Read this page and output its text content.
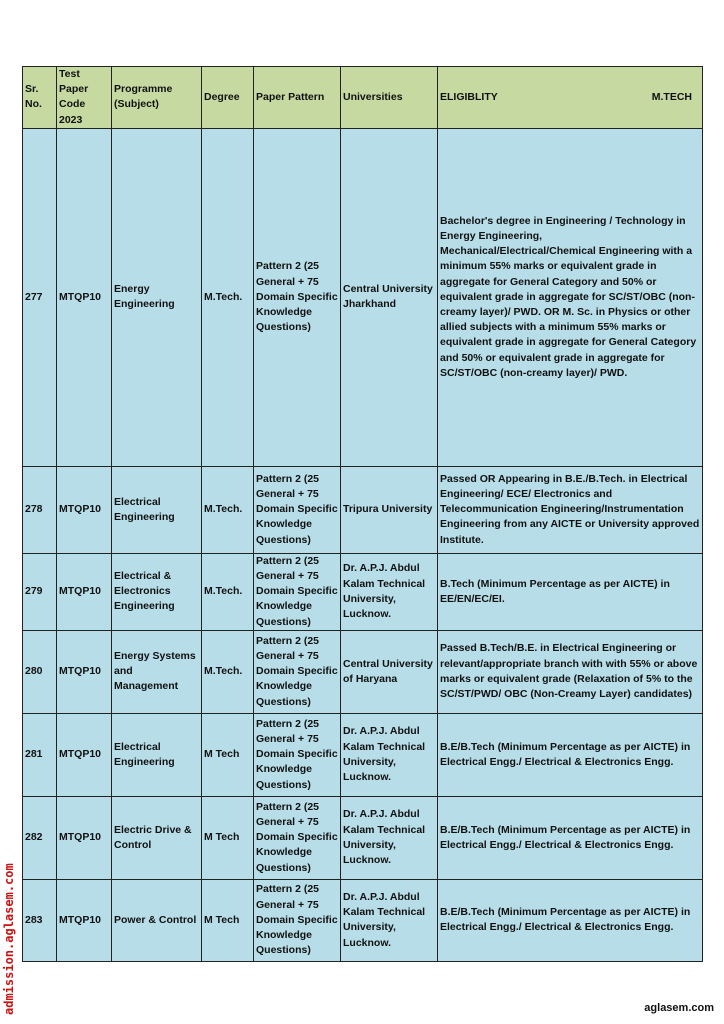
Sr. No.	Test Paper Code 2023	Programme (Subject)	Degree	Paper Pattern	Universities	ELIGIBLITY M.TECH

277	MTQP10	Energy Engineering	M.Tech.	Pattern 2 (25 General + 75 Domain Specific Knowledge Questions)	Central University Jharkhand	Bachelor's degree in Engineering / Technology in Energy Engineering, Mechanical/Electrical/Chemical Engineering with a minimum 55% marks or equivalent grade in aggregate for General Category and 50% or equivalent grade in aggregate for SC/ST/OBC (non-creamy layer)/ PWD. OR M. Sc. in Physics or other allied subjects with a minimum 55% marks or equivalent grade in aggregate for General Category and 50% or equivalent grade in aggregate for SC/ST/OBC (non-creamy layer)/ PWD.
278	MTQP10	Electrical Engineering	M.Tech.	Pattern 2 (25 General + 75 Domain Specific Knowledge Questions)	Tripura University	Passed OR Appearing in B.E./B.Tech. in Electrical Engineering/ ECE/ Electronics and Telecommunication Engineering/Instrumentation Engineering from any AICTE or University approved Institute.
279	MTQP10	Electrical & Electronics Engineering	M.Tech.	Pattern 2 (25 General + 75 Domain Specific Knowledge Questions)	Dr. A.P.J. Abdul Kalam Technical University, Lucknow.	B.Tech (Minimum Percentage as per AICTE) in EE/EN/EC/EI.
280	MTQP10	Energy Systems and Management	M.Tech.	Pattern 2 (25 General + 75 Domain Specific Knowledge Questions)	Central University of Haryana	Passed B.Tech/B.E. in Electrical Engineering or relevant/appropriate branch with with 55% or above marks or equivalent grade (Relaxation of 5% to the SC/ST/PWD/ OBC (Non-Creamy Layer) candidates)
281	MTQP10	Electrical Engineering	M Tech	Pattern 2 (25 General + 75 Domain Specific Knowledge Questions)	Dr. A.P.J. Abdul Kalam Technical University, Lucknow.	B.E/B.Tech (Minimum Percentage as per AICTE) in Electrical Engg./ Electrical & Electronics Engg.
282	MTQP10	Electric Drive & Control	M Tech	Pattern 2 (25 General + 75 Domain Specific Knowledge Questions)	Dr. A.P.J. Abdul Kalam Technical University, Lucknow.	B.E/B.Tech (Minimum Percentage as per AICTE) in Electrical Engg./ Electrical & Electronics Engg.
283	MTQP10	Power & Control	M Tech	Pattern 2 (25 General + 75 Domain Specific Knowledge Questions)	Dr. A.P.J. Abdul Kalam Technical University, Lucknow.	B.E/B.Tech (Minimum Percentage as per AICTE) in Electrical Engg./ Electrical & Electronics Engg.
admission.aglasem.com	aglasem.com
